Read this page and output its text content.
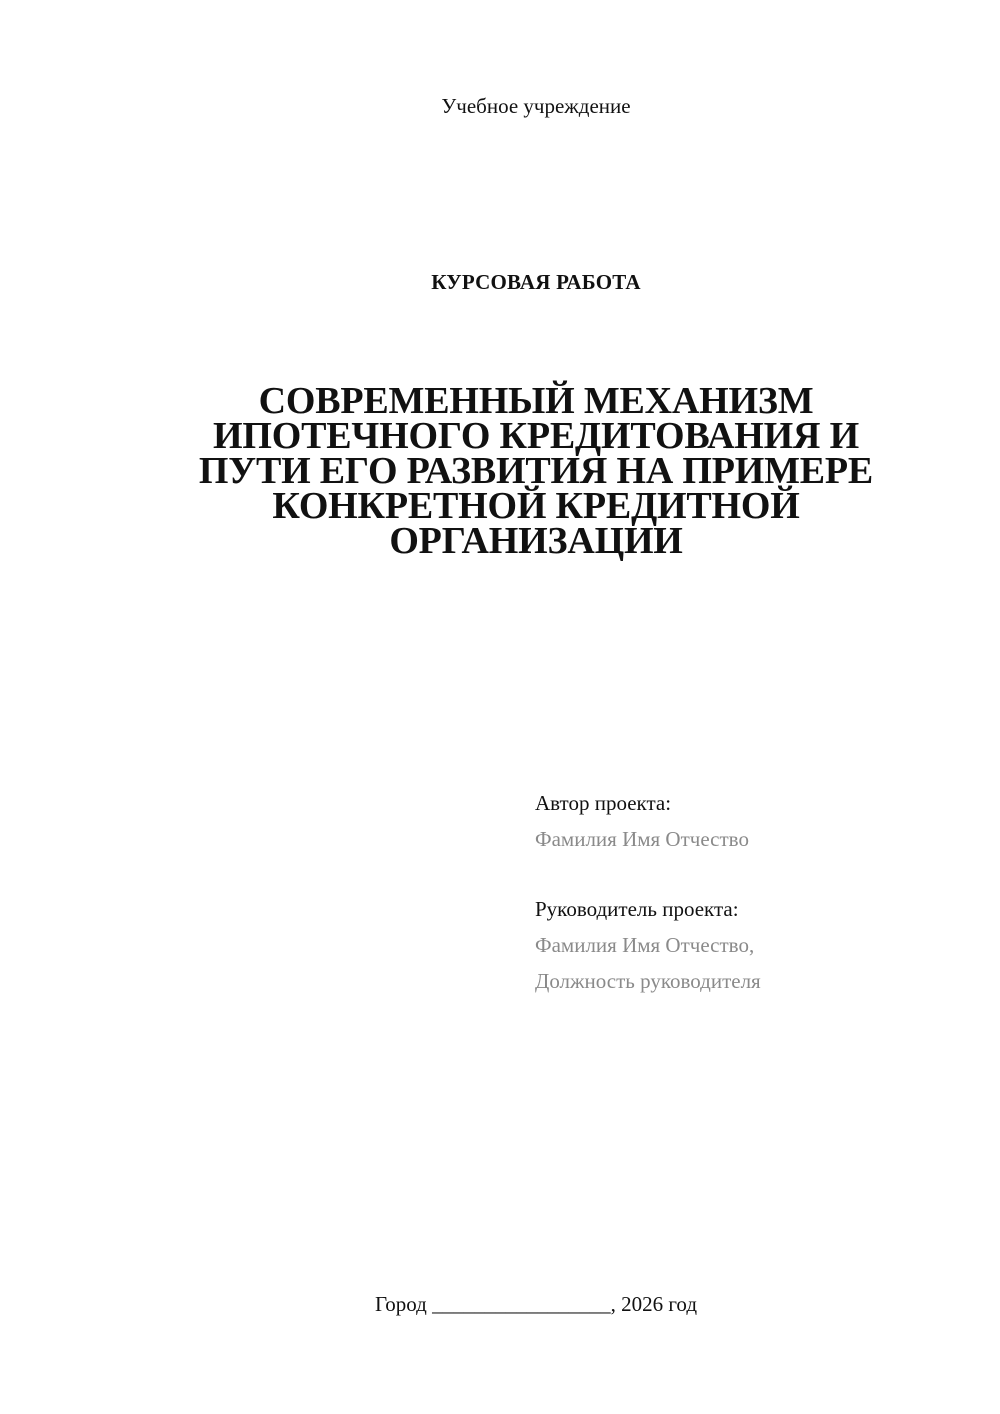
Учебное учреждение
КУРСОВАЯ РАБОТА
СОВРЕМЕННЫЙ МЕХАНИЗМ
ИПОТЕЧНОГО КРЕДИТОВАНИЯ И
ПУТИ ЕГО РАЗВИТИЯ НА ПРИМЕРЕ
КОНКРЕТНОЙ КРЕДИТНОЙ
ОРГАНИЗАЦИИ
Автор проекта:
Фамилия Имя Отчество
Руководитель проекта:
Фамилия Имя Отчество,
Должность руководителя
Город _________________, 2026 год
